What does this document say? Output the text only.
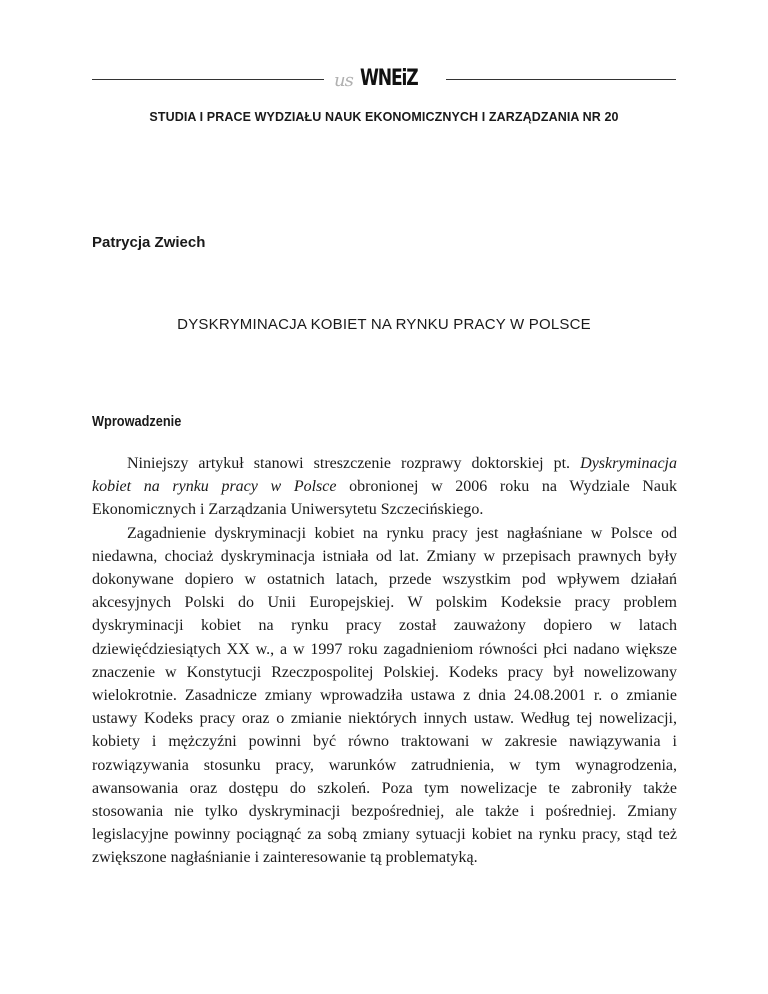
us WNEiZ
STUDIA I PRACE WYDZIAŁU NAUK EKONOMICZNYCH I ZARZĄDZANIA NR 20
Patrycja Zwiech
DYSKRYMINACJA KOBIET NA RYNKU PRACY W POLSCE
Wprowadzenie

Niniejszy artykuł stanowi streszczenie rozprawy doktorskiej pt. Dyskryminacja kobiet na rynku pracy w Polsce obronionej w 2006 roku na Wydziale Nauk Ekonomicznych i Zarządzania Uniwersytetu Szczecińskiego.

Zagadnienie dyskryminacji kobiet na rynku pracy jest nagłaśniane w Polsce od niedawna, chociaż dyskryminacja istniała od lat. Zmiany w przepisach prawnych były dokonywane dopiero w ostatnich latach, przede wszystkim pod wpływem działań akcesyjnych Polski do Unii Europejskiej. W polskim Kodeksie pracy problem dyskryminacji kobiet na rynku pracy został zauważony dopiero w latach dziewięćdziesiątych XX w., a w 1997 roku zagadnieniom równości płci nadano większe znaczenie w Konstytucji Rzeczpospolitej Polskiej. Kodeks pracy był nowelizowany wielokrotnie. Zasadnicze zmiany wprowadziła ustawa z dnia 24.08.2001 r. o zmianie ustawy Kodeks pracy oraz o zmianie niektórych innych ustaw. Według tej nowelizacji, kobiety i mężczyźni powinni być równo traktowani w zakresie nawiązywania i rozwiązywania stosunku pracy, warunków zatrudnienia, w tym wynagrodzenia, awansowania oraz dostępu do szkoleń. Poza tym nowelizacje te zabroniły także stosowania nie tylko dyskryminacji bezpośredniej, ale także i pośredniej. Zmiany legislacyjne powinny pociągnąć za sobą zmiany sytuacji kobiet na rynku pracy, stąd też zwiększone nagłaśnianie i zainteresowanie tą problematyką.
